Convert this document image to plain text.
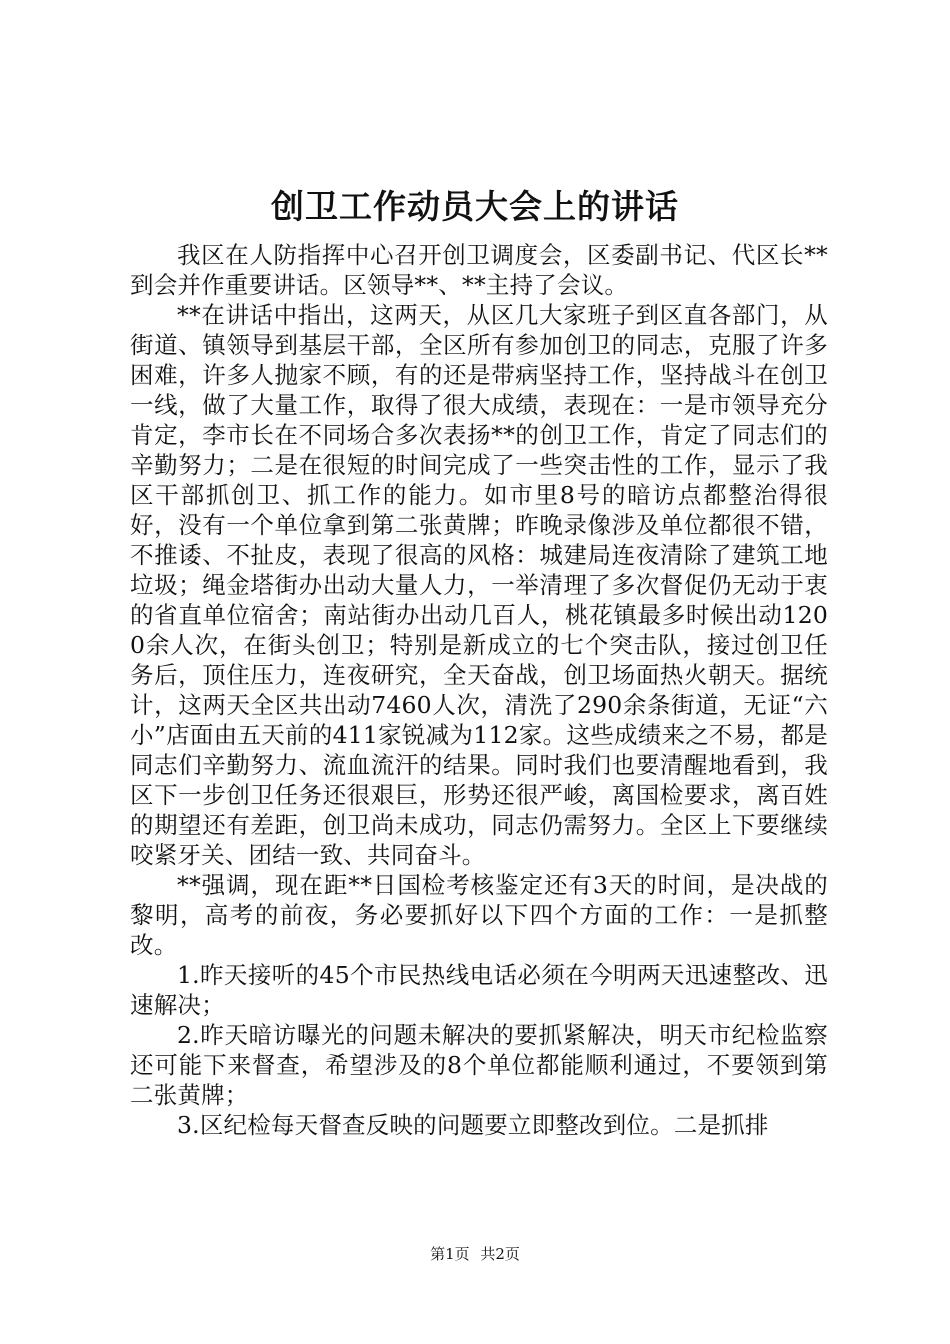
创卫工作动员大会上的讲话

我区在人防指挥中心召开创卫调度会，区委副书记、代区长**到会并作重要讲话。区领导**、**主持了会议。

**在讲话中指出，这两天，从区几大家班子到区直各部门，从街道、镇领导到基层干部，全区所有参加创卫的同志，克服了许多困难，许多人抛家不顾，有的还是带病坚持工作，坚持战斗在创卫一线，做了大量工作，取得了很大成绩，表现在：一是市领导充分肯定，李市长在不同场合多次表扬**的创卫工作，肯定了同志们的辛勤努力；二是在很短的时间完成了一些突击性的工作，显示了我区干部抓创卫、抓工作的能力。如市里8号的暗访点都整治得很好，没有一个单位拿到第二张黄牌；昨晚录像涉及单位都很不错，不推诿、不扯皮，表现了很高的风格：城建局连夜清除了建筑工地垃圾；绳金塔街办出动大量人力，一举清理了多次督促仍无动于衷的省直单位宿舍；南站街办出动几百人，桃花镇最多时候出动1200余人次，在街头创卫；特别是新成立的七个突击队，接过创卫任务后，顶住压力，连夜研究，全天奋战，创卫场面热火朝天。据统计，这两天全区共出动7460人次，清洗了290余条街道，无证“六小”店面由五天前的411家锐减为112家。这些成绩来之不易，都是同志们辛勤努力、流血流汗的结果。同时我们也要清醒地看到，我区下一步创卫任务还很艰巨，形势还很严峻，离国检要求，离百姓的期望还有差距，创卫尚未成功，同志仍需努力。全区上下要继续咬紧牙关、团结一致、共同奋斗。

**强调，现在距**日国检考核鉴定还有3天的时间，是决战的黎明，高考的前夜，务必要抓好以下四个方面的工作：一是抓整改。

1.昨天接听的45个市民热线电话必须在今明两天迅速整改、迅速解决；

2.昨天暗访曝光的问题未解决的要抓紧解决，明天市纪检监察还可能下来督查，希望涉及的8个单位都能顺利通过，不要领到第二张黄牌；

3.区纪检每天督查反映的问题要立即整改到位。二是抓排

第1页 共2页
